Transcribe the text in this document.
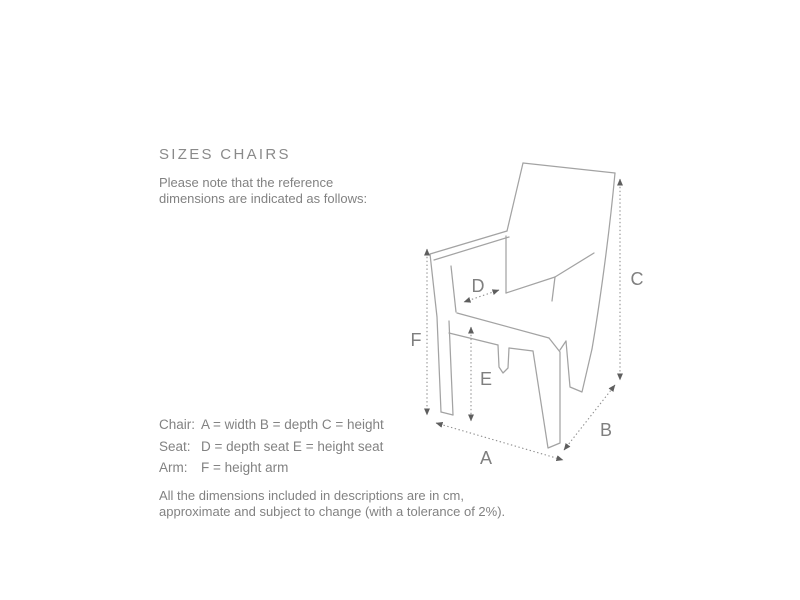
SIZES CHAIRS
Please note that the reference
dimensions are indicated as follows:
A
B
C
D
E
F
Chair: A = width B = depth C = height
Seat: D = depth seat E = height seat
Arm:	F = height arm
All the dimensions included in descriptions are in cm,
approximate and subject to change (with a tolerance of 2%).
